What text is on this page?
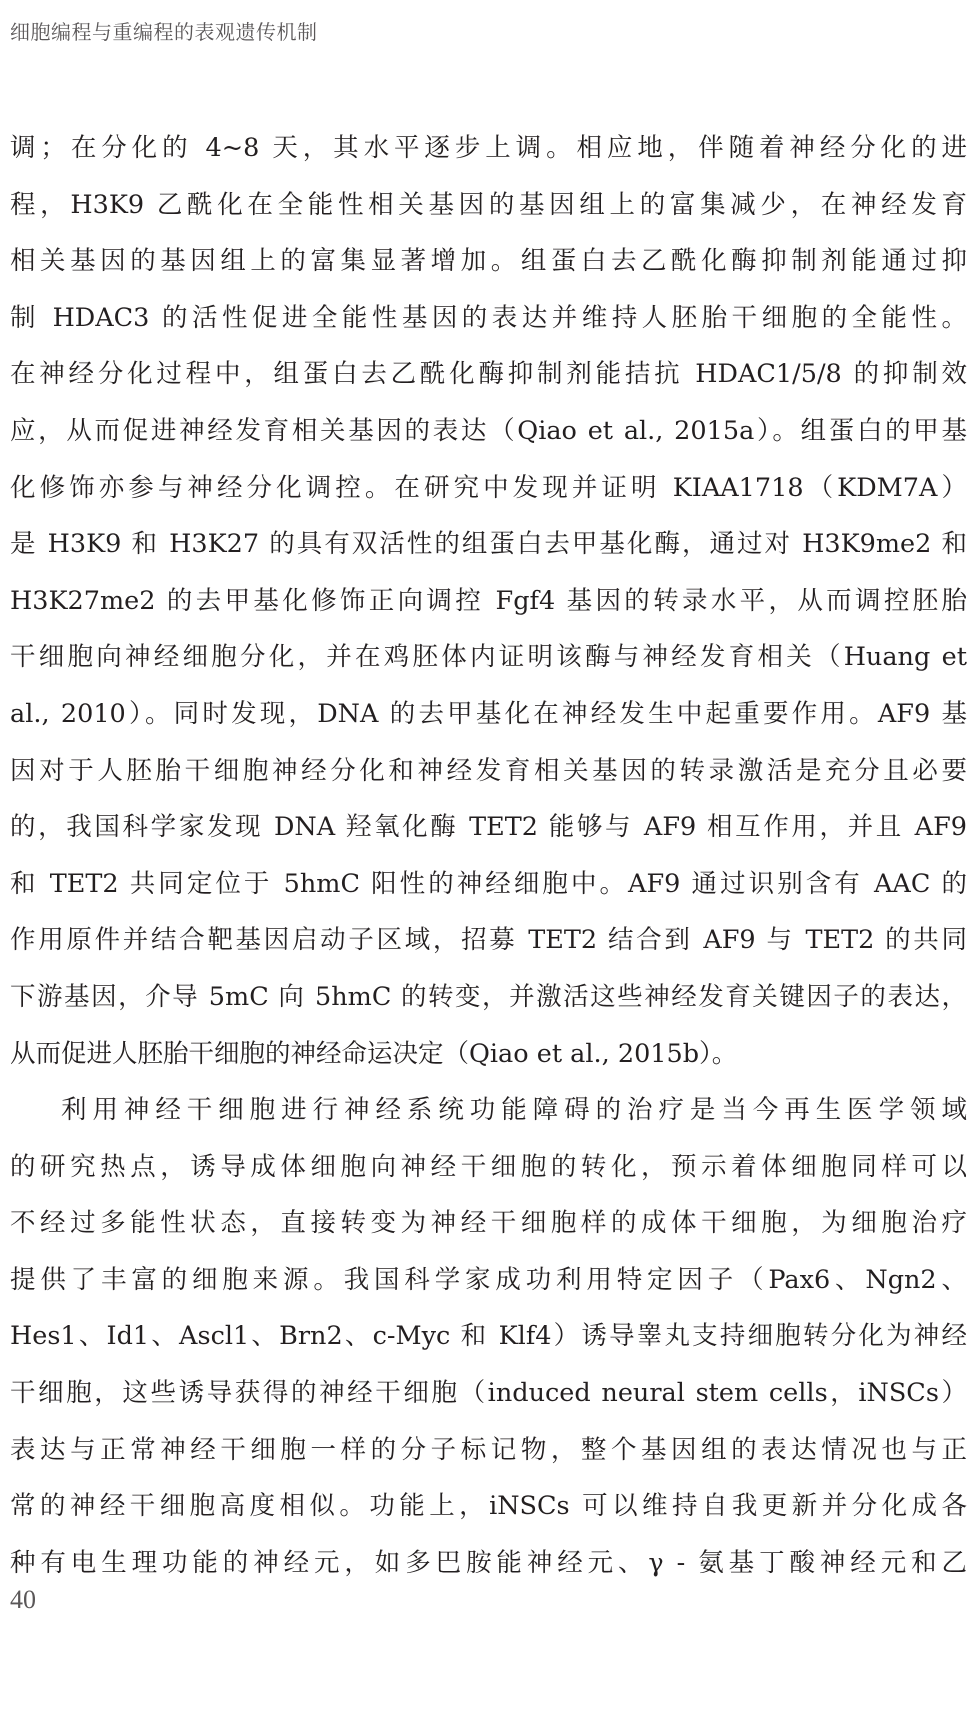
细胞编程与重编程的表观遗传机制
调；在分化的 4~8 天，其水平逐步上调。相应地，伴随着神经分化的进
程，H3K9 乙酰化在全能性相关基因的基因组上的富集减少，在神经发育
相关基因的基因组上的富集显著增加。组蛋白去乙酰化酶抑制剂能通过抑
制 HDAC3 的活性促进全能性基因的表达并维持人胚胎干细胞的全能性。
在神经分化过程中，组蛋白去乙酰化酶抑制剂能拮抗 HDAC1/5/8 的抑制效
应，从而促进神经发育相关基因的表达（Qiao et al., 2015a）。组蛋白的甲基
化修饰亦参与神经分化调控。在研究中发现并证明 KIAA1718（KDM7A）
是 H3K9 和 H3K27 的具有双活性的组蛋白去甲基化酶，通过对 H3K9me2 和
H3K27me2 的去甲基化修饰正向调控 Fgf4 基因的转录水平，从而调控胚胎
干细胞向神经细胞分化，并在鸡胚体内证明该酶与神经发育相关（Huang et
al., 2010）。同时发现，DNA 的去甲基化在神经发生中起重要作用。AF9 基
因对于人胚胎干细胞神经分化和神经发育相关基因的转录激活是充分且必要
的，我国科学家发现 DNA 羟氧化酶 TET2 能够与 AF9 相互作用，并且 AF9
和 TET2 共同定位于 5hmC 阳性的神经细胞中。AF9 通过识别含有 AAC 的
作用原件并结合靶基因启动子区域，招募 TET2 结合到 AF9 与 TET2 的共同
下游基因，介导 5mC 向 5hmC 的转变，并激活这些神经发育关键因子的表达，
从而促进人胚胎干细胞的神经命运决定（Qiao et al., 2015b）。
利用神经干细胞进行神经系统功能障碍的治疗是当今再生医学领域
的研究热点，诱导成体细胞向神经干细胞的转化，预示着体细胞同样可以
不经过多能性状态，直接转变为神经干细胞样的成体干细胞，为细胞治疗
提供了丰富的细胞来源。我国科学家成功利用特定因子（Pax6、Ngn2、
Hes1、Id1、Ascl1、Brn2、c-Myc 和 Klf4）诱导睾丸支持细胞转分化为神经
干细胞，这些诱导获得的神经干细胞（induced neural stem cells，iNSCs）
表达与正常神经干细胞一样的分子标记物，整个基因组的表达情况也与正
常的神经干细胞高度相似。功能上，iNSCs 可以维持自我更新并分化成各
种有电生理功能的神经元，如多巴胺能神经元、γ - 氨基丁酸神经元和乙
40
